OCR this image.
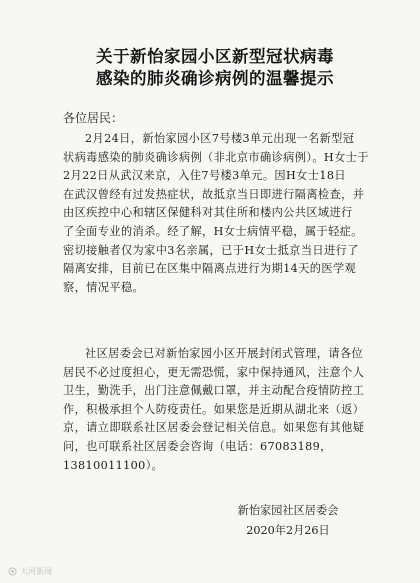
关于新怡家园小区新型冠状病毒
感染的肺炎确诊病例的温馨提示
各位居民：
2月24日，新怡家园小区7号楼3单元出现一名新型冠
状病毒感染的肺炎确诊病例（非北京市确诊病例）。H女士于
2月22日从武汉来京，入住7号楼3单元。因H女士18日
在武汉曾经有过发热症状，故抵京当日即进行隔离检查，并
由区疾控中心和辖区保健科对其住所和楼内公共区域进行
了全面专业的消杀。经了解，H女士病情平稳，属于轻症。
密切接触者仅为家中3名亲属，已于H女士抵京当日进行了
隔离安排，目前已在区集中隔离点进行为期14天的医学观
察，情况平稳。
社区居委会已对新怡家园小区开展封闭式管理，请各位
居民不必过度担心，更无需恐慌，家中保持通风，注意个人
卫生，勤洗手，出门注意佩戴口罩，并主动配合疫情防控工
作，积极承担个人防疫责任。如果您是近期从湖北来（返）
京，请立即联系社区居委会登记相关信息。如果您有其他疑
问，也可联系社区居委会咨询（电话：67083189，
13810011100）。
新怡家园社区居委会
2020年2月26日
大河新闻
